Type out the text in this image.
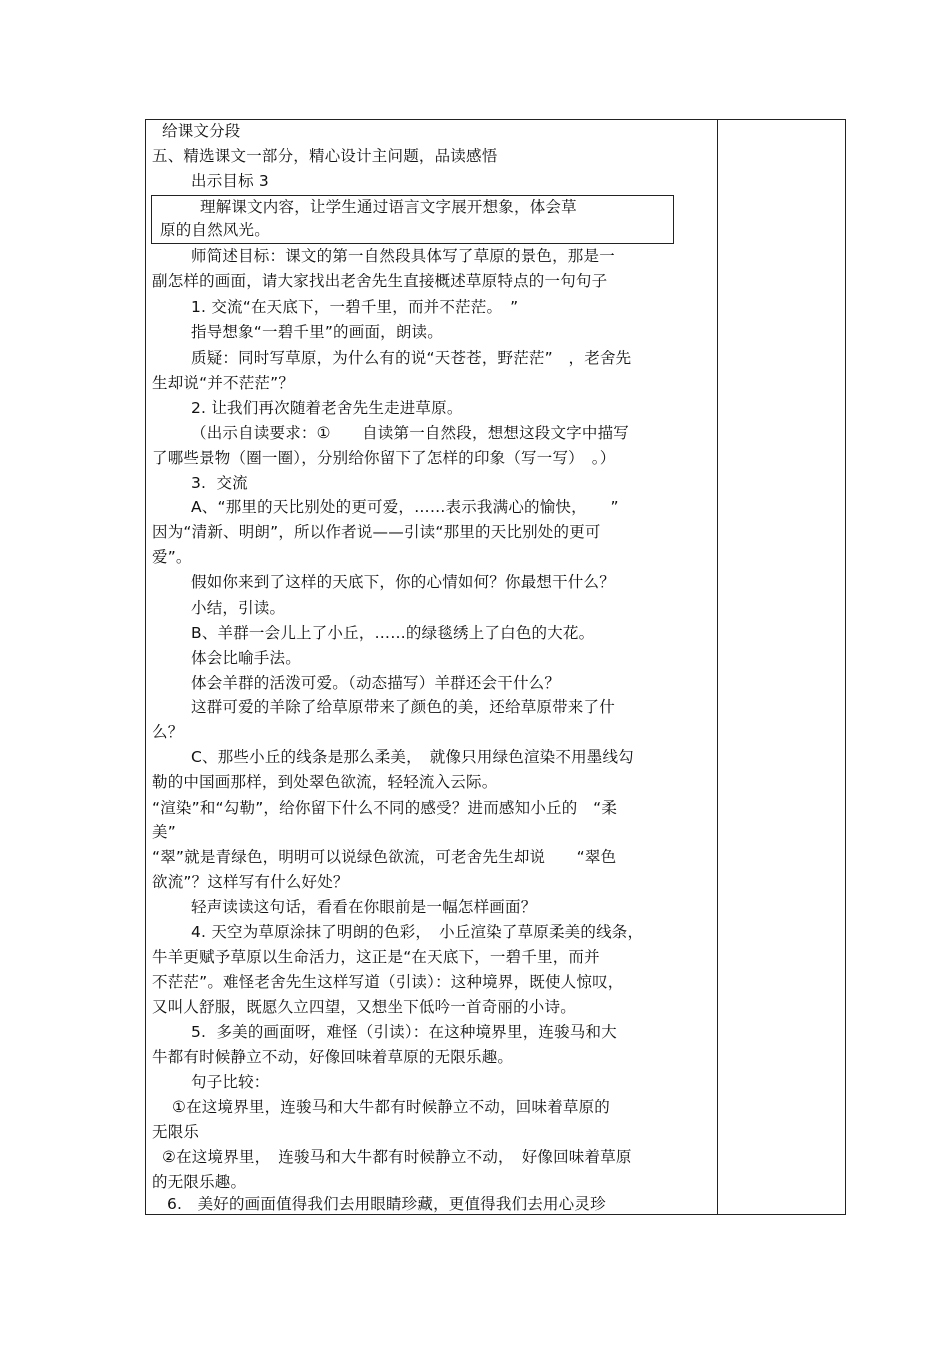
给课文分段
五、精选课文一部分，精心设计主问题，品读感悟
出示目标 3
理解课文内容，让学生通过语言文字展开想象，体会草
原的自然风光。
师简述目标：课文的第一自然段具体写了草原的景色，那是一
副怎样的画面，请大家找出老舍先生直接概述草原特点的一句句子
1. 交流“在天底下，一碧千里，而并不茫茫。　”
指导想象“一碧千里”的画面，朗读。
质疑：同时写草原，为什么有的说“天苍苍，野茫茫”　，老舍先
生却说“并不茫茫”？
2. 让我们再次随着老舍先生走进草原。
（出示自读要求：①　　自读第一自然段，想想这段文字中描写
了哪些景物（圈一圈），分别给你留下了怎样的印象（写一写）　。）
3.  交流
A、“那里的天比别处的更可爱，……表示我满心的愉快，　　”
因为“清新、明朗”，所以作者说——引读“那里的天比别处的更可
爱”。
假如你来到了这样的天底下，你的心情如何？你最想干什么？
小结，引读。
B、羊群一会儿上了小丘，……的绿毯绣上了白色的大花。
体会比喻手法。
体会羊群的活泼可爱。（动态描写）羊群还会干什么？
这群可爱的羊除了给草原带来了颜色的美，还给草原带来了什
么？
C、那些小丘的线条是那么柔美，　就像只用绿色渲染不用墨线勾
勒的中国画那样，到处翠色欲流，轻轻流入云际。
“渲染”和“勾勒”，给你留下什么不同的感受？进而感知小丘的　“柔
美”
“翠”就是青绿色，明明可以说绿色欲流，可老舍先生却说　　“翠色
欲流”？这样写有什么好处？
轻声读读这句话，看看在你眼前是一幅怎样画面？
4. 天空为草原涂抹了明朗的色彩，　小丘渲染了草原柔美的线条，
牛羊更赋予草原以生命活力，这正是“在天底下，一碧千里，而并
不茫茫”。难怪老舍先生这样写道（引读）：这种境界，既使人惊叹，
又叫人舒服，既愿久立四望，又想坐下低吟一首奇丽的小诗。
5.  多美的画面呀，难怪（引读）：在这种境界里，连骏马和大
牛都有时候静立不动，好像回味着草原的无限乐趣。
句子比较：
①在这境界里，连骏马和大牛都有时候静立不动，回味着草原的
无限乐
②在这境界里，　连骏马和大牛都有时候静立不动，　好像回味着草原
的无限乐趣。
6.   美好的画面值得我们去用眼睛珍藏，更值得我们去用心灵珍
